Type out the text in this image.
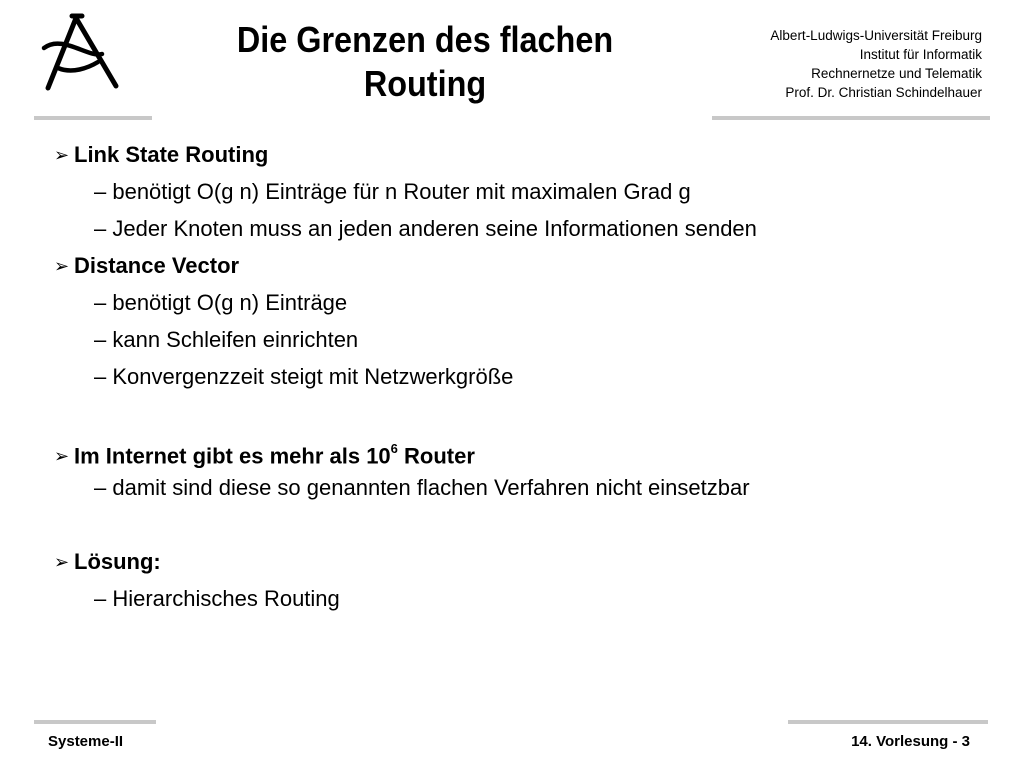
Die Grenzen des flachen
Routing
Albert-Ludwigs-Universität Freiburg
Institut für Informatik
Rechnernetze und Telematik
Prof. Dr. Christian Schindelhauer
➢ Link State Routing
– benötigt O(g n) Einträge für n Router mit maximalen Grad g
– Jeder Knoten muss an jeden anderen seine Informationen senden
➢ Distance Vector
– benötigt O(g n) Einträge
– kann Schleifen einrichten
– Konvergenzzeit steigt mit Netzwerkgröße
➢ Im Internet gibt es mehr als $10^6$ Router
– damit sind diese so genannten flachen Verfahren nicht einsetzbar
➢ Lösung:
– Hierarchisches Routing
Systeme-II	14. Vorlesung - 3
